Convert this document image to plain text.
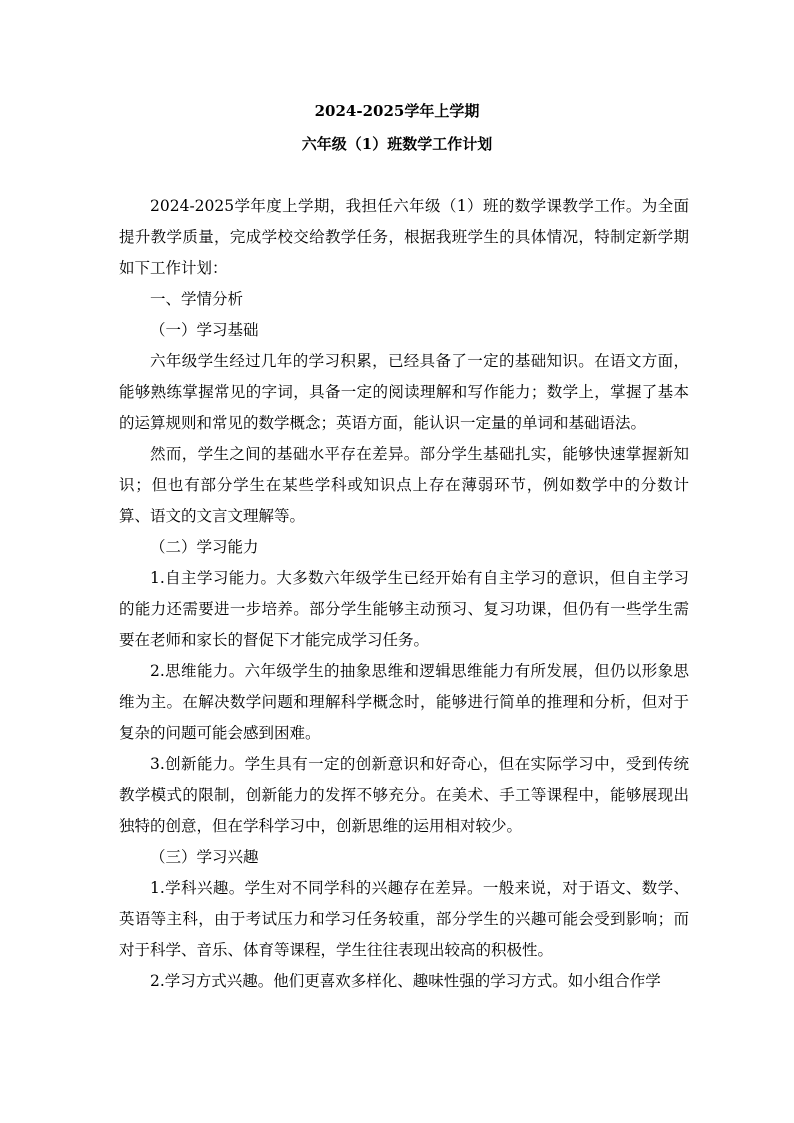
2024-2025学年上学期
六年级（1）班数学工作计划

2024-2025学年度上学期，我担任六年级（1）班的数学课教学工作。为全面提升教学质量，完成学校交给教学任务，根据我班学生的具体情况，特制定新学期如下工作计划：

一、学情分析

（一）学习基础

六年级学生经过几年的学习积累，已经具备了一定的基础知识。在语文方面，能够熟练掌握常见的字词，具备一定的阅读理解和写作能力；数学上，掌握了基本的运算规则和常见的数学概念；英语方面，能认识一定量的单词和基础语法。

然而，学生之间的基础水平存在差异。部分学生基础扎实，能够快速掌握新知识；但也有部分学生在某些学科或知识点上存在薄弱环节，例如数学中的分数计算、语文的文言文理解等。

（二）学习能力

1.自主学习能力。大多数六年级学生已经开始有自主学习的意识，但自主学习的能力还需要进一步培养。部分学生能够主动预习、复习功课，但仍有一些学生需要在老师和家长的督促下才能完成学习任务。

2.思维能力。六年级学生的抽象思维和逻辑思维能力有所发展，但仍以形象思维为主。在解决数学问题和理解科学概念时，能够进行简单的推理和分析，但对于复杂的问题可能会感到困难。

3.创新能力。学生具有一定的创新意识和好奇心，但在实际学习中，受到传统教学模式的限制，创新能力的发挥不够充分。在美术、手工等课程中，能够展现出独特的创意，但在学科学习中，创新思维的运用相对较少。

（三）学习兴趣

1.学科兴趣。学生对不同学科的兴趣存在差异。一般来说，对于语文、数学、英语等主科，由于考试压力和学习任务较重，部分学生的兴趣可能会受到影响；而对于科学、音乐、体育等课程，学生往往表现出较高的积极性。

2.学习方式兴趣。他们更喜欢多样化、趣味性强的学习方式。如小组合作学
